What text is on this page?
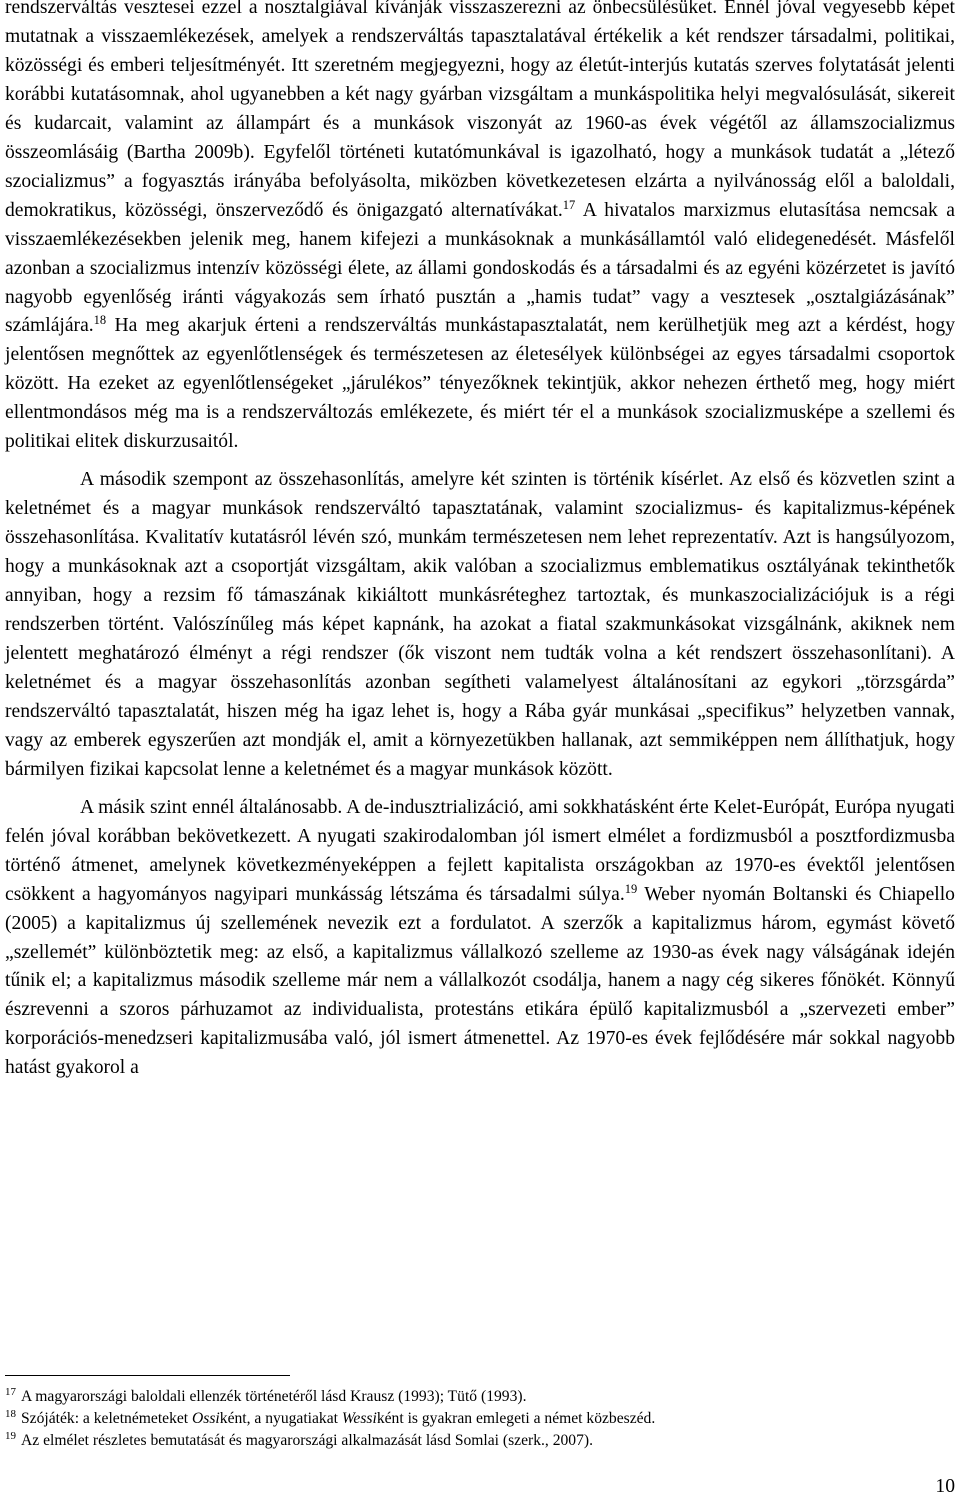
rendszerváltás vesztesei ezzel a nosztalgiával kívánják visszaszerezni az önbecsülésüket. Ennél jóval vegyesebb képet mutatnak a visszaemlékezések, amelyek a rendszerváltás tapasztalatával értékelik a két rendszer társadalmi, politikai, közösségi és emberi teljesítményét. Itt szeretném megjegyezni, hogy az életút-interjús kutatás szerves folytatását jelenti korábbi kutatásomnak, ahol ugyanebben a két nagy gyárban vizsgáltam a munkáspolitika helyi megvalósulását, sikereit és kudarcait, valamint az állampárt és a munkások viszonyát az 1960-as évek végétől az államszocializmus összeomlásáig (Bartha 2009b). Egyfelől történeti kutatómunkával is igazolható, hogy a munkások tudatát a „létező szocializmus” a fogyasztás irányába befolyásolta, miközben következetesen elzárta a nyilvánosság elől a baloldali, demokratikus, közösségi, önszerveződő és önigazgató alternatívákat.$^{17}$ A hivatalos marxizmus elutasítása nemcsak a visszaemlékezésekben jelenik meg, hanem kifejezi a munkásoknak a munkásállamtól való elidegenedését. Másfelől azonban a szocializmus intenzív közösségi élete, az állami gondoskodás és a társadalmi és az egyéni közérzetet is javító nagyobb egyenlőség iránti vágyakozás sem írható pusztán a „hamis tudat” vagy a vesztesek „osztalgiázásának” számlájára.$^{18}$ Ha meg akarjuk érteni a rendszerváltás munkástapasztalatát, nem kerülhetjük meg azt a kérdést, hogy jelentősen megnőttek az egyenlőtlenségek és természetesen az életesélyek különbségei az egyes társadalmi csoportok között. Ha ezeket az egyenlőtlenségeket „járulékos” tényezőknek tekintjük, akkor nehezen érthető meg, hogy miért ellentmondásos még ma is a rendszerváltozás emlékezete, és miért tér el a munkások szocializmusképe a szellemi és politikai elitek diskurzusaitól.

A második szempont az összehasonlítás, amelyre két szinten is történik kísérlet. Az első és közvetlen szint a keletnémet és a magyar munkások rendszerváltó tapasztatának, valamint szocializmus- és kapitalizmus-képének összehasonlítása. Kvalitatív kutatásról lévén szó, munkám természetesen nem lehet reprezentatív. Azt is hangsúlyozom, hogy a munkásoknak azt a csoportját vizsgáltam, akik valóban a szocializmus emblematikus osztályának tekinthetők annyiban, hogy a rezsim fő támaszának kikiáltott munkásréteghez tartoztak, és munkaszocializációjuk is a régi rendszerben történt. Valószínűleg más képet kapnánk, ha azokat a fiatal szakmunkásokat vizsgálnánk, akiknek nem jelentett meghatározó élményt a régi rendszer (ők viszont nem tudták volna a két rendszert összehasonlítani). A keletnémet és a magyar összehasonlítás azonban segítheti valamelyest általánosítani az egykori „törzsgárda” rendszerváltó tapasztalatát, hiszen még ha igaz lehet is, hogy a Rába gyár munkásai „specifikus” helyzetben vannak, vagy az emberek egyszerűen azt mondják el, amit a környezetükben hallanak, azt semmiképpen nem állíthatjuk, hogy bármilyen fizikai kapcsolat lenne a keletnémet és a magyar munkások között.

A másik szint ennél általánosabb. A de-indusztrializáció, ami sokkhatásként érte Kelet-Európát, Európa nyugati felén jóval korábban bekövetkezett. A nyugati szakirodalomban jól ismert elmélet a fordizmusból a posztfordizmusba történő átmenet, amelynek következményeképpen a fejlett kapitalista országokban az 1970-es évektől jelentősen csökkent a hagyományos nagyipari munkásság létszáma és társadalmi súlya.$^{19}$ Weber nyomán Boltanski és Chiapello (2005) a kapitalizmus új szellemének nevezik ezt a fordulatot. A szerzők a kapitalizmus három, egymást követő „szellemét” különböztetik meg: az első, a kapitalizmus vállalkozó szelleme az 1930-as évek nagy válságának idején tűnik el; a kapitalizmus második szelleme már nem a vállalkozót csodálja, hanem a nagy cég sikeres főnökét. Könnyű észrevenni a szoros párhuzamot az individualista, protestáns etikára épülő kapitalizmusból a „szervezeti ember” korporációs-menedzseri kapitalizmusába való, jól ismert átmenettel. Az 1970-es évek fejlődésére már sokkal nagyobb hatást gyakorol a

$^{17}$ A magyarországi baloldali ellenzék történetéről lásd Krausz (1993); Tütő (1993).
$^{18}$ Szójáték: a keletnémeteket Ossiként, a nyugatiakat Wessiként is gyakran emlegeti a német közbeszéd.
$^{19}$ Az elmélet részletes bemutatását és magyarországi alkalmazását lásd Somlai (szerk., 2007).
10
